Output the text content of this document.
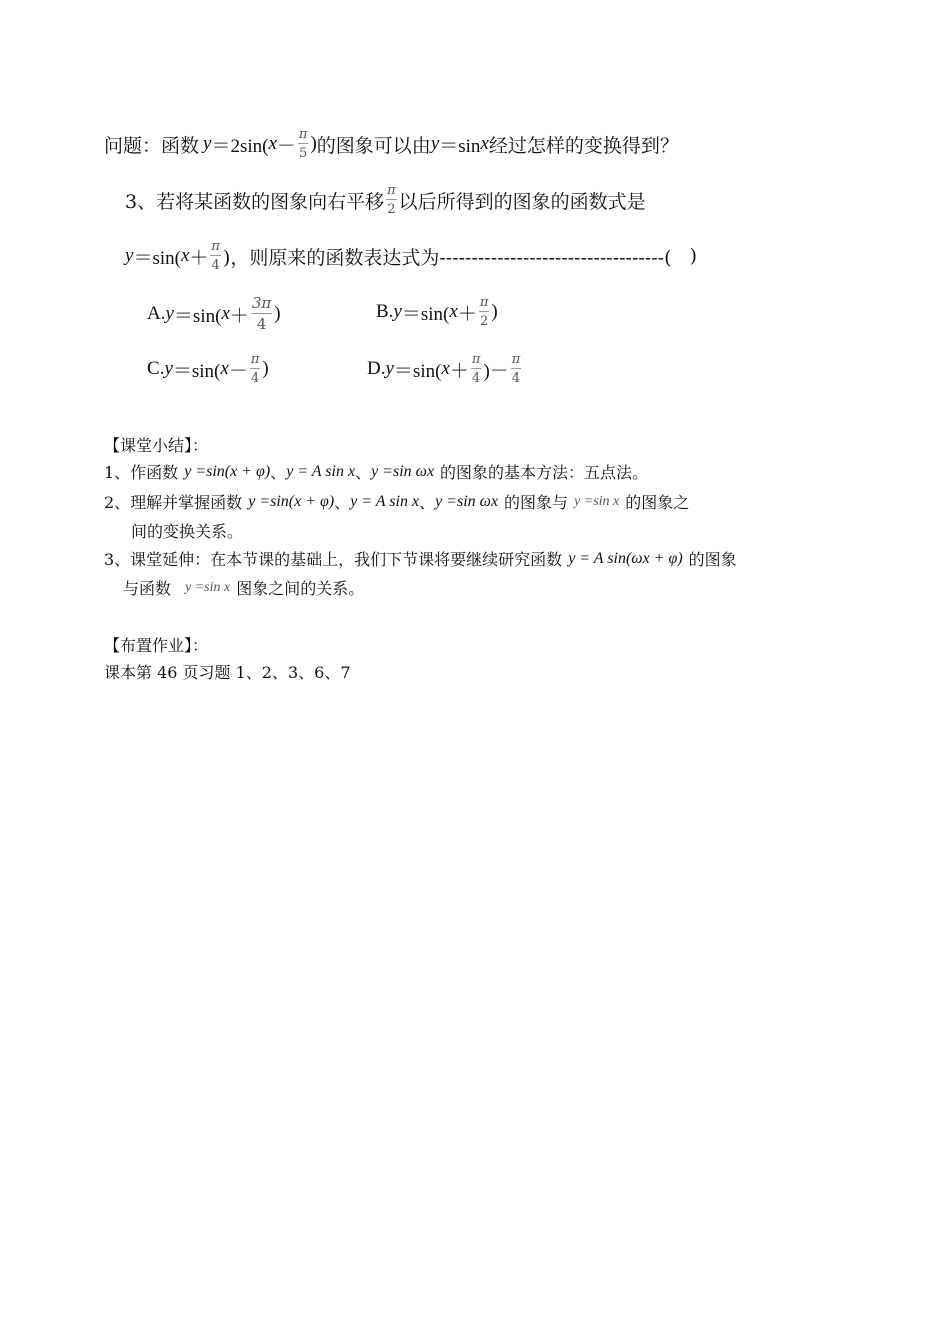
问题：函数 y ＝2sin( $x - \frac{\pi}{5}$ ) 的图象可以由 y ＝sin x 经过怎样的变换得到？
3、若将某函数的图象向右平移 $\frac{\pi}{2}$ 以后所得到的图象的函数式是
y ＝sin( $x + \frac{\pi}{4}$ )，则原来的函数表达式为-----------------------------------( )
A. y ＝sin( $x + \frac{3\pi}{4}$ )	B. y ＝sin( $x + \frac{\pi}{2}$ )
C. y ＝sin( $x - \frac{\pi}{4}$ )	D. y ＝sin( $x + \frac{\pi}{4}$ )－ $\frac{\pi}{4}$
【课堂小结】：
1、作函数 y =sin(x + φ) 、 y = A sin x 、 y =sin ωx 的图象的基本方法：五点法。
2、理解并掌握函数 y =sin(x + φ) 、 y = A sin x 、 y =sin ωx 的图象与 y =sin x 的图象之
间的变换关系。
3、课堂延伸：在本节课的基础上，我们下节课将要继续研究函数 y = A sin(ωx + φ) 的图象
与函数 y =sin x 图象之间的关系。
【布置作业】：
课本第 46 页习题 1、2、3、6、7
